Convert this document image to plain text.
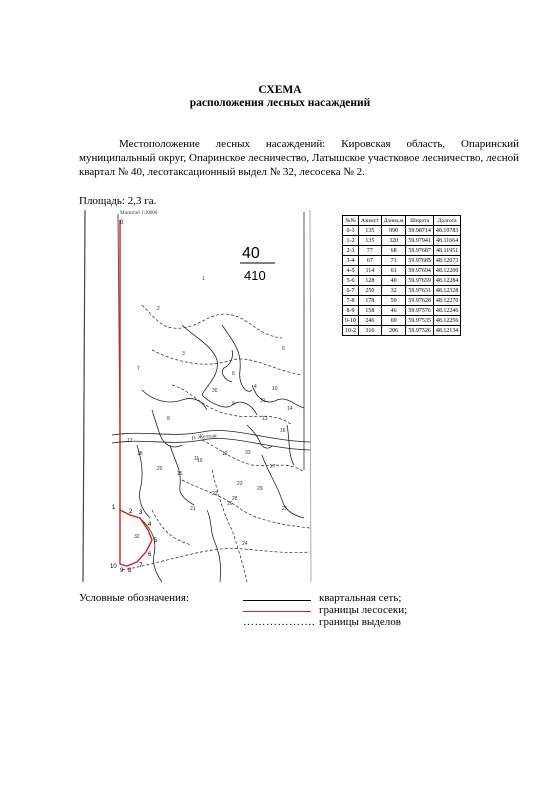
СХЕМА
расположения лесных насаждений
Местоположение лесных насаждений: Кировская область, Опаринский муниципальный округ, Опаринское лесничество, Латышское участковое лесничество, лесной квартал № 40, лесотаксационный выдел № 32, лесосека № 2.
Площадь: 2,3 га.
Масштаб 1:10000
40
410
р. Желтая
1
2
3
4
5
6
7
8
9
10
11
12
13
14
15
16
17
18
19
20
21
22
23
24
25
26
27
28
29
30
31
32
33
0
1
2 3
4
5
6
7
8
9
10
№№	Азимут	Длина,м	Широта	Долгота
0-1	135	990	59.98714	48.10783
1-2	135	320	59.97941	48.11664
2-3	77	68	59.97687	48.11951
3-4	67	71	59.97685	48.12073
4-5	114	61	59.97694	48.12200
5-6	128	40	59.97659	48.12284
6-7	250	32	59.97631	48.12328
7-8	178	59	59.97628	48.12270
8-9	158	46	59.97576	48.12246
9-10	246	69	59.97535	48.12256
10-2	316	206	59.97526	48.12134
Условные обозначения:
……………….
квартальная сеть;
границы лесосеки;
границы выделов
